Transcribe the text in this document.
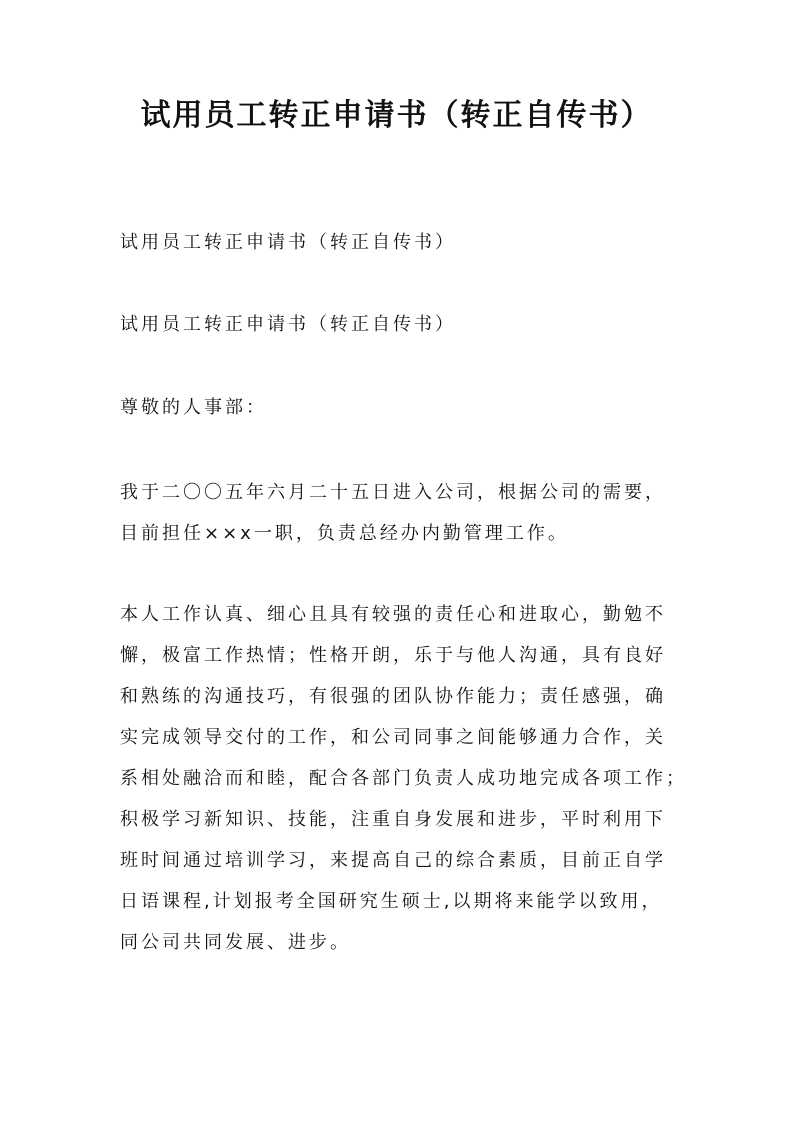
试用员工转正申请书（转正自传书）
试用员工转正申请书（转正自传书）
试用员工转正申请书（转正自传书）
尊敬的人事部：
我于二〇〇五年六月二十五日进入公司，根据公司的需要，
目前担任××x一职，负责总经办内勤管理工作。
本人工作认真、细心且具有较强的责任心和进取心，勤勉不
懈，极富工作热情；性格开朗，乐于与他人沟通，具有良好
和熟练的沟通技巧，有很强的团队协作能力；责任感强，确
实完成领导交付的工作，和公司同事之间能够通力合作，关
系相处融洽而和睦，配合各部门负责人成功地完成各项工作；
积极学习新知识、技能，注重自身发展和进步，平时利用下
班时间通过培训学习，来提高自己的综合素质，目前正自学
日语课程,计划报考全国研究生硕士,以期将来能学以致用，
同公司共同发展、进步。
